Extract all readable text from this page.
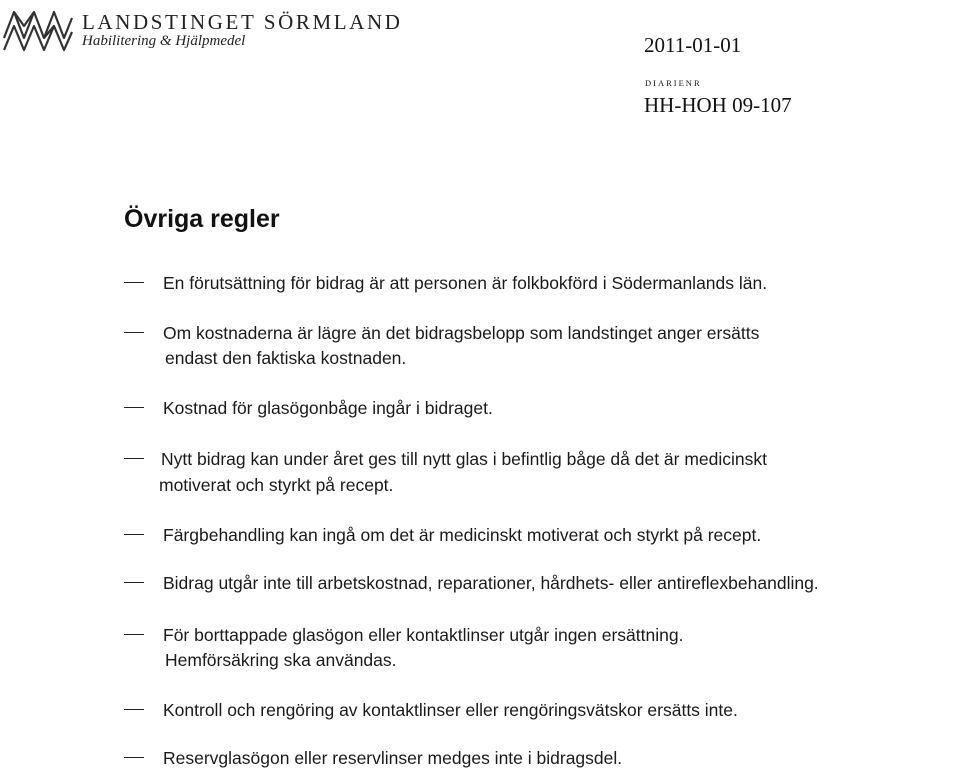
LANDSTINGET SÖRMLAND
Habilitering & Hjälpmedel	2011-01-01
DIARIENR
HH-HOH 09-107
Övriga regler
En förutsättning för bidrag är att personen är folkbokförd i Södermanlands län.
Om kostnaderna är lägre än det bidragsbelopp som landstinget anger ersätts
endast den faktiska kostnaden.
Kostnad för glasögonbåge ingår i bidraget.
Nytt bidrag kan under året ges till nytt glas i befintlig båge då det är medicinskt
motiverat och styrkt på recept.
Färgbehandling kan ingå om det är medicinskt motiverat och styrkt på recept.
Bidrag utgår inte till arbetskostnad, reparationer, hårdhets- eller antireflexbehandling.
För borttappade glasögon eller kontaktlinser utgår ingen ersättning.
Hemförsäkring ska användas.
Kontroll och rengöring av kontaktlinser eller rengöringsvätskor ersätts inte.
Reservglasögon eller reservlinser medges inte i bidragsdel.
